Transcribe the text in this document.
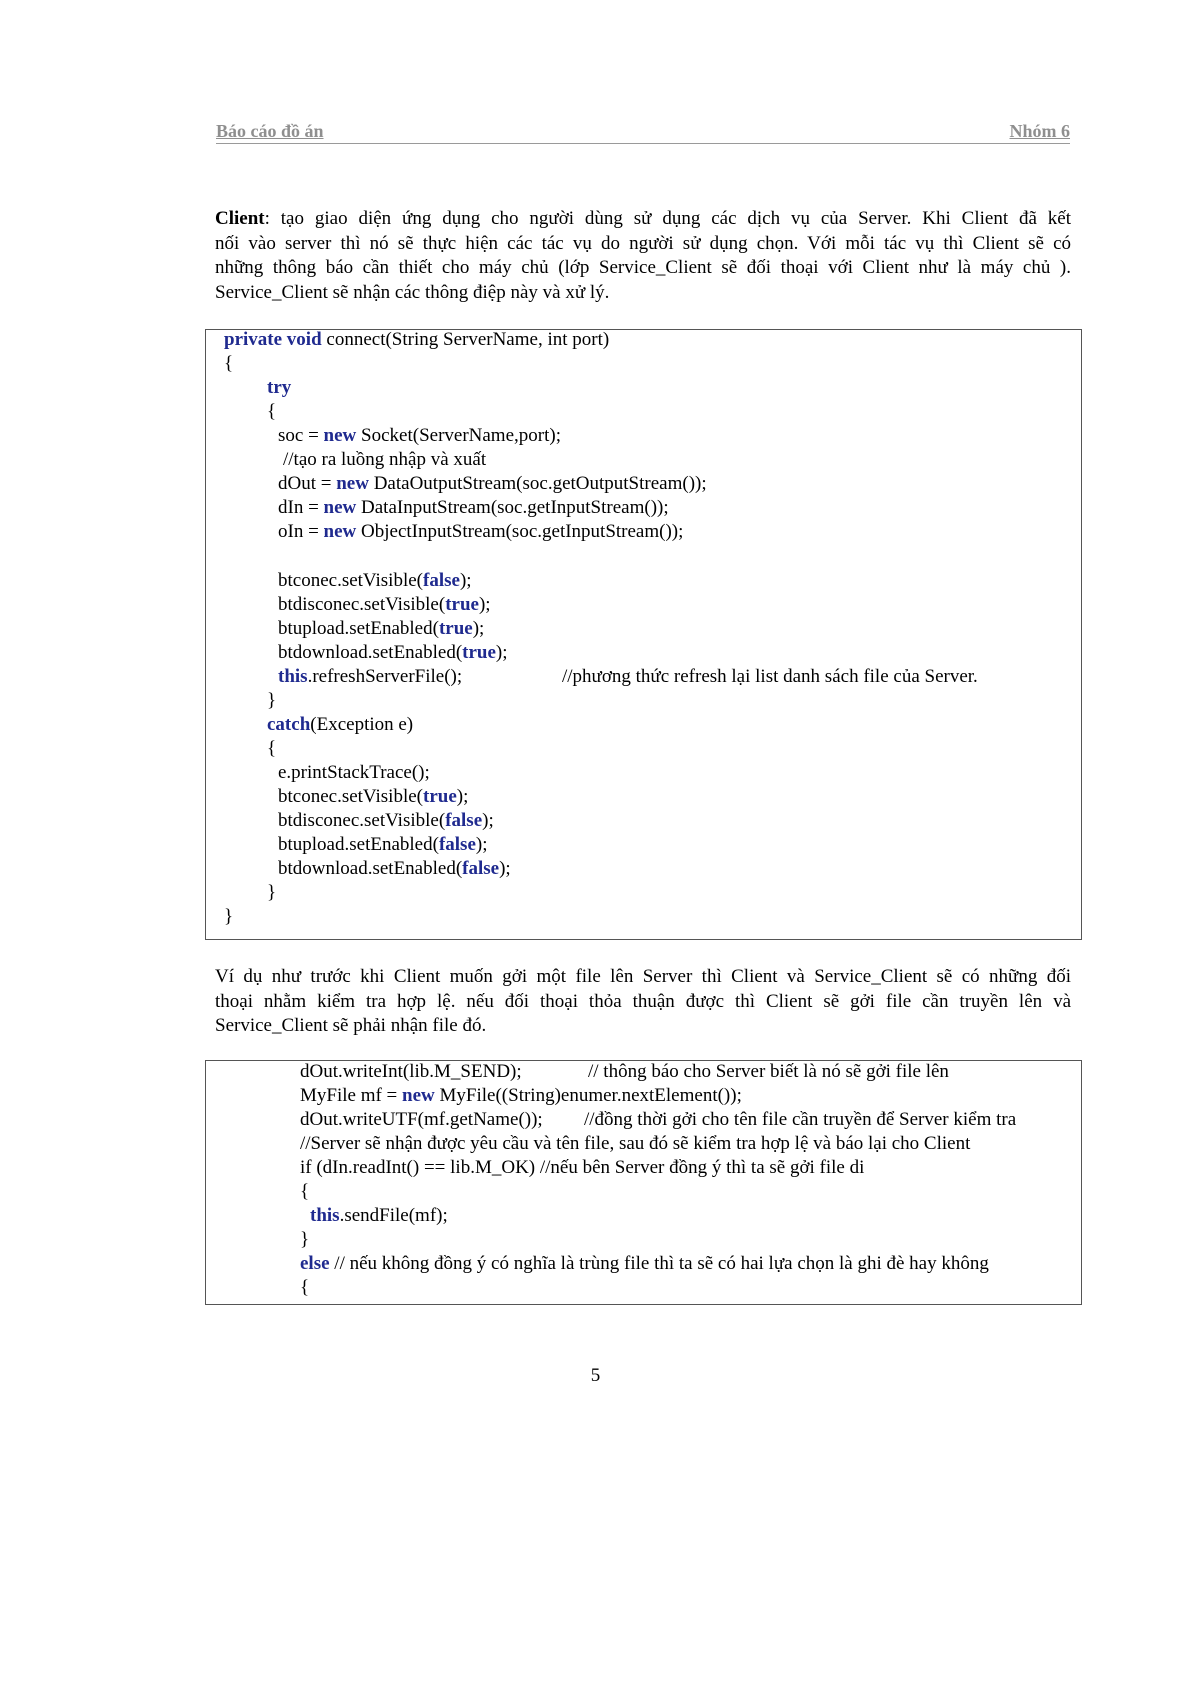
Báo cáo đồ án	Nhóm 6
Client: tạo giao diện ứng dụng cho người dùng sử dụng các dịch vụ của Server. Khi Client đã kết
nối vào server thì nó sẽ thực hiện các tác vụ do người sử dụng chọn. Với mỗi tác vụ thì Client sẽ có
những thông báo cần thiết cho máy chủ (lớp Service_Client sẽ đối thoại với Client như là máy chủ ).
Service_Client sẽ nhận các thông điệp này và xử lý.
private void connect(String ServerName, int port)
{
try
{
soc = new Socket(ServerName,port);
//tạo ra luồng nhập và xuất
dOut = new DataOutputStream(soc.getOutputStream());
dIn = new DataInputStream(soc.getInputStream());
oIn = new ObjectInputStream(soc.getInputStream());
btconec.setVisible(false);
btdisconec.setVisible(true);
btupload.setEnabled(true);
btdownload.setEnabled(true);
this.refreshServerFile();	//phương thức refresh lại list danh sách file của Server.
}
catch(Exception e)
{
e.printStackTrace();
btconec.setVisible(true);
btdisconec.setVisible(false);
btupload.setEnabled(false);
btdownload.setEnabled(false);
}
}
Ví dụ như trước khi Client muốn gởi một file lên Server thì Client và Service_Client sẽ có những đối
thoại nhằm kiểm tra hợp lệ. nếu đối thoại thỏa thuận được thì Client sẽ gởi file cần truyền lên và
Service_Client sẽ phải nhận file đó.
dOut.writeInt(lib.M_SEND);	// thông báo cho Server biết là nó sẽ gởi file lên
MyFile mf = new MyFile((String)enumer.nextElement());
dOut.writeUTF(mf.getName()); //đồng thời gởi cho tên file cần truyền để Server kiểm tra
//Server sẽ nhận được yêu cầu và tên file, sau đó sẽ kiểm tra hợp lệ và báo lại cho Client
if (dIn.readInt() == lib.M_OK) //nếu bên Server đồng ý thì ta sẽ gởi file di
{
this.sendFile(mf);
}
else // nếu không đồng ý có nghĩa là trùng file thì ta sẽ có hai lựa chọn là ghi đè hay không
{
5
